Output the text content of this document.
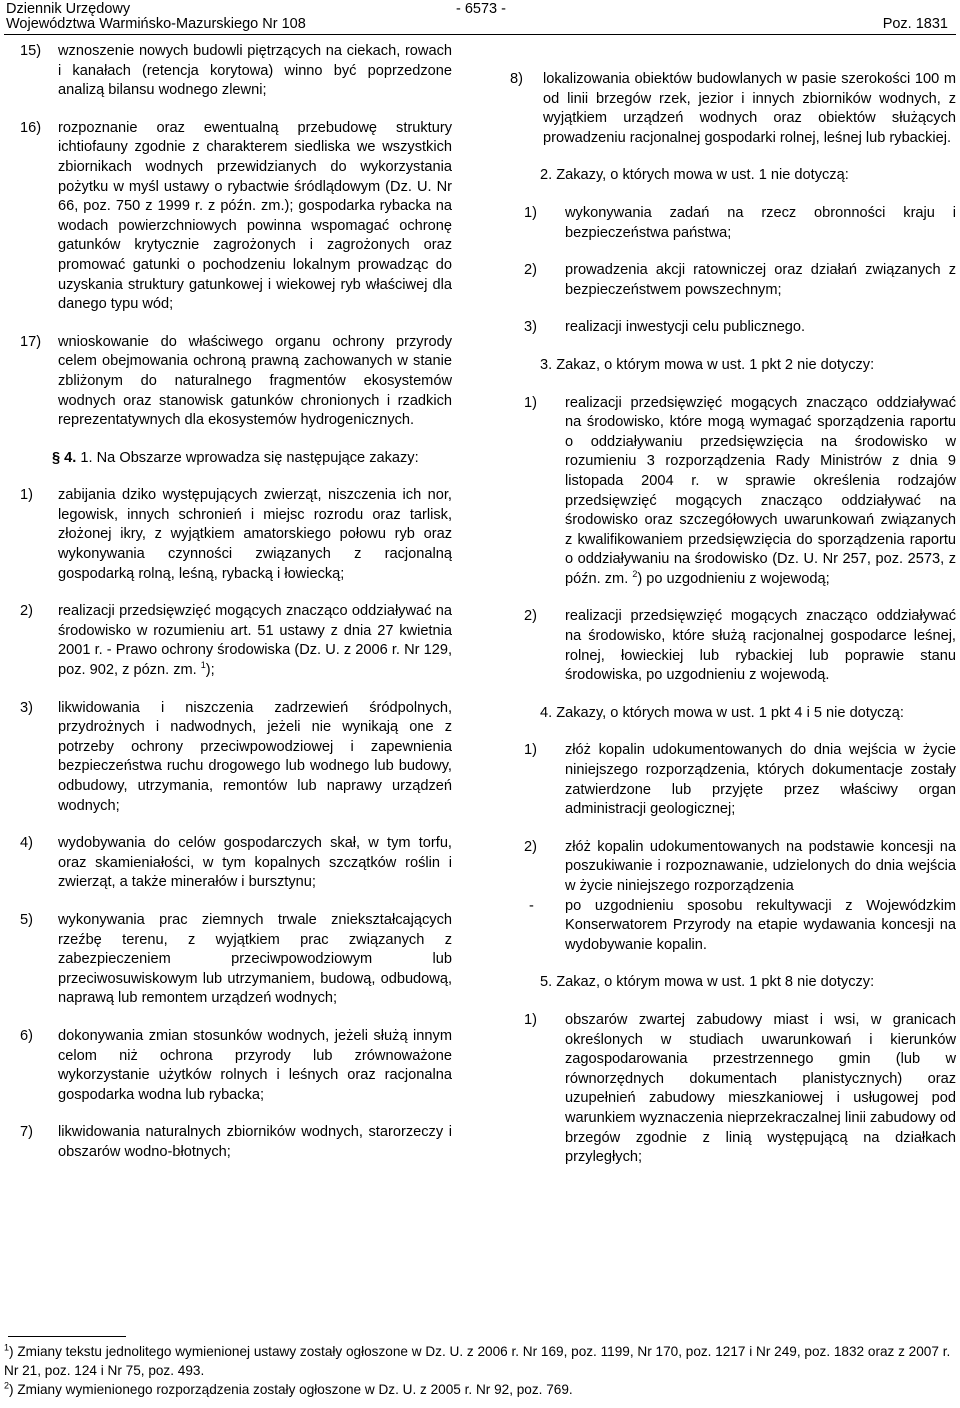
Dziennik Urzędowy
Województwa Warmińsko-Mazurskiego Nr 108
- 6573 -
Poz. 1831

15) wznoszenie nowych budowli piętrzących na ciekach, rowach i kanałach (retencja korytowa) winno być poprzedzone analizą bilansu wodnego zlewni;

16) rozpoznanie oraz ewentualną przebudowę struktury ichtiofauny zgodnie z charakterem siedliska we wszystkich zbiornikach wodnych przewidzianych do wykorzystania pożytku w myśl ustawy o rybactwie śródlądowym (Dz. U. Nr 66, poz. 750 z 1999 r. z późn. zm.); gospodarka rybacka na wodach powierzchniowych powinna wspomagać ochronę gatunków krytycznie zagrożonych i zagrożonych oraz promować gatunki o pochodzeniu lokalnym prowadząc do uzyskania struktury gatunkowej i wiekowej ryb właściwej dla danego typu wód;

17) wnioskowanie do właściwego organu ochrony przyrody celem obejmowania ochroną prawną zachowanych w stanie zbliżonym do naturalnego fragmentów ekosystemów wodnych oraz stanowisk gatunków chronionych i rzadkich reprezentatywnych dla ekosystemów hydrogenicznych.

§ 4. 1. Na Obszarze wprowadza się następujące zakazy:

1) zabijania dziko występujących zwierząt, niszczenia ich nor, legowisk, innych schronień i miejsc rozrodu oraz tarlisk, złożonej ikry, z wyjątkiem amatorskiego połowu ryb oraz wykonywania czynności związanych z racjonalną gospodarką rolną, leśną, rybacką i łowiecką;

2) realizacji przedsięwzięć mogących znacząco oddziaływać na środowisko w rozumieniu art. 51 ustawy z dnia 27 kwietnia 2001 r. - Prawo ochrony środowiska (Dz. U. z 2006 r. Nr 129, poz. 902, z pózn. zm. $^1$);

3) likwidowania i niszczenia zadrzewień śródpolnych, przydrożnych i nadwodnych, jeżeli nie wynikają one z potrzeby ochrony przeciwpowodziowej i zapewnienia bezpieczeństwa ruchu drogowego lub wodnego lub budowy, odbudowy, utrzymania, remontów lub naprawy urządzeń wodnych;

4) wydobywania do celów gospodarczych skał, w tym torfu, oraz skamieniałości, w tym kopalnych szczątków roślin i zwierząt, a także minerałów i bursztynu;

5) wykonywania prac ziemnych trwale zniekształcających rzeźbę terenu, z wyjątkiem prac związanych z zabezpieczeniem przeciwpowodziowym lub przeciwosuwiskowym lub utrzymaniem, budową, odbudową, naprawą lub remontem urządzeń wodnych;

6) dokonywania zmian stosunków wodnych, jeżeli służą innym celom niż ochrona przyrody lub zrównoważone wykorzystanie użytków rolnych i leśnych oraz racjonalna gospodarka wodna lub rybacka;

7) likwidowania naturalnych zbiorników wodnych, starorzeczy i obszarów wodno-błotnych;

8) lokalizowania obiektów budowlanych w pasie szerokości 100 m od linii brzegów rzek, jezior i innych zbiorników wodnych, z wyjątkiem urządzeń wodnych oraz obiektów służących prowadzeniu racjonalnej gospodarki rolnej, leśnej lub rybackiej.

2. Zakazy, o których mowa w ust. 1 nie dotyczą:

1) wykonywania zadań na rzecz obronności kraju i bezpieczeństwa państwa;

2) prowadzenia akcji ratowniczej oraz działań związanych z bezpieczeństwem powszechnym;

3) realizacji inwestycji celu publicznego.

3. Zakaz, o którym mowa w ust. 1 pkt 2 nie dotyczy:

1) realizacji przedsięwzięć mogących znacząco oddziaływać na środowisko, które mogą wymagać sporządzenia raportu o oddziaływaniu przedsięwzięcia na środowisko w rozumieniu 3 rozporządzenia Rady Ministrów z dnia 9 listopada 2004 r. w sprawie określenia rodzajów przedsięwzięć mogących znacząco oddziaływać na środowisko oraz szczegółowych uwarunkowań związanych z kwalifikowaniem przedsięwzięcia do sporządzenia raportu o oddziaływaniu na środowisko (Dz. U. Nr 257, poz. 2573, z późn. zm. $^2$) po uzgodnieniu z wojewodą;

2) realizacji przedsięwzięć mogących znacząco oddziaływać na środowisko, które służą racjonalnej gospodarce leśnej, rolnej, łowieckiej lub rybackiej lub poprawie stanu środowiska, po uzgodnieniu z wojewodą.

4. Zakazy, o których mowa w ust. 1 pkt 4 i 5 nie dotyczą:

1) złóż kopalin udokumentowanych do dnia wejścia w życie niniejszego rozporządzenia, których dokumentacje zostały zatwierdzone lub przyjęte przez właściwy organ administracji geologicznej;

2) złóż kopalin udokumentowanych na podstawie koncesji na poszukiwanie i rozpoznawanie, udzielonych do dnia wejścia w życie niniejszego rozporządzenia

- po uzgodnieniu sposobu rekultywacji z Wojewódzkim Konserwatorem Przyrody na etapie wydawania koncesji na wydobywanie kopalin.

5. Zakaz, o którym mowa w ust. 1 pkt 8 nie dotyczy:

1) obszarów zwartej zabudowy miast i wsi, w granicach określonych w studiach uwarunkowań i kierunków zagospodarowania przestrzennego gmin (lub w równorzędnych dokumentach planistycznych) oraz uzupełnień zabudowy mieszkaniowej i usługowej pod warunkiem wyznaczenia nieprzekraczalnej linii zabudowy od brzegów zgodnie z linią występującą na działkach przyległych;

$^1$) Zmiany tekstu jednolitego wymienionej ustawy zostały ogłoszone w Dz. U. z 2006 r. Nr 169, poz. 1199, Nr 170, poz. 1217 i Nr 249, poz. 1832 oraz z 2007 r. Nr 21, poz. 124 i Nr 75, poz. 493.
$^2$) Zmiany wymienionego rozporządzenia zostały ogłoszone w Dz. U. z 2005 r. Nr 92, poz. 769.
